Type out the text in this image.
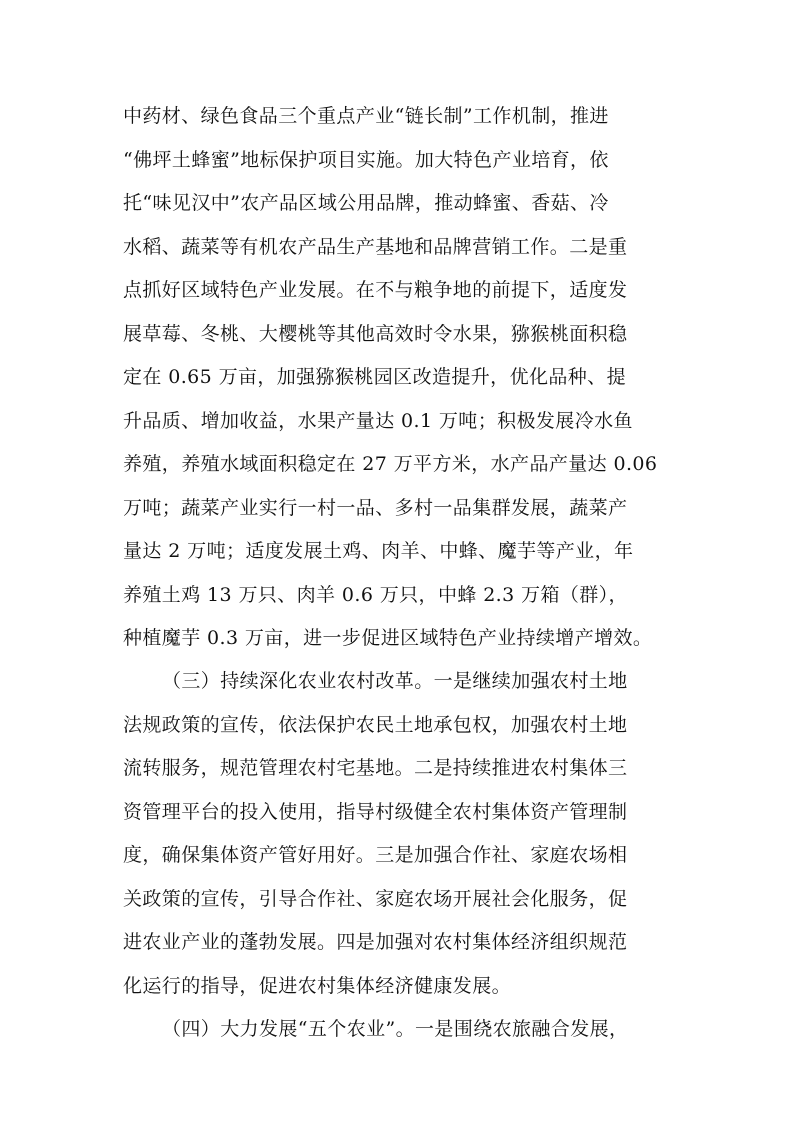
中药材、绿色食品三个重点产业“链长制”工作机制，推进
“佛坪土蜂蜜”地标保护项目实施。加大特色产业培育，依
托“味见汉中”农产品区域公用品牌，推动蜂蜜、香菇、冷
水稻、蔬菜等有机农产品生产基地和品牌营销工作。二是重
点抓好区域特色产业发展。在不与粮争地的前提下，适度发
展草莓、冬桃、大樱桃等其他高效时令水果，猕猴桃面积稳
定在 0.65 万亩，加强猕猴桃园区改造提升，优化品种、提
升品质、增加收益，水果产量达 0.1 万吨；积极发展冷水鱼
养殖，养殖水域面积稳定在 27 万平方米，水产品产量达 0.06
万吨；蔬菜产业实行一村一品、多村一品集群发展，蔬菜产
量达 2 万吨；适度发展土鸡、肉羊、中蜂、魔芋等产业，年
养殖土鸡 13 万只、肉羊 0.6 万只，中蜂 2.3 万箱（群），
种植魔芋 0.3 万亩，进一步促进区域特色产业持续增产增效。
（三）持续深化农业农村改革。一是继续加强农村土地
法规政策的宣传，依法保护农民土地承包权，加强农村土地
流转服务，规范管理农村宅基地。二是持续推进农村集体三
资管理平台的投入使用，指导村级健全农村集体资产管理制
度，确保集体资产管好用好。三是加强合作社、家庭农场相
关政策的宣传，引导合作社、家庭农场开展社会化服务，促
进农业产业的蓬勃发展。四是加强对农村集体经济组织规范
化运行的指导，促进农村集体经济健康发展。
（四）大力发展“五个农业”。一是围绕农旅融合发展，
